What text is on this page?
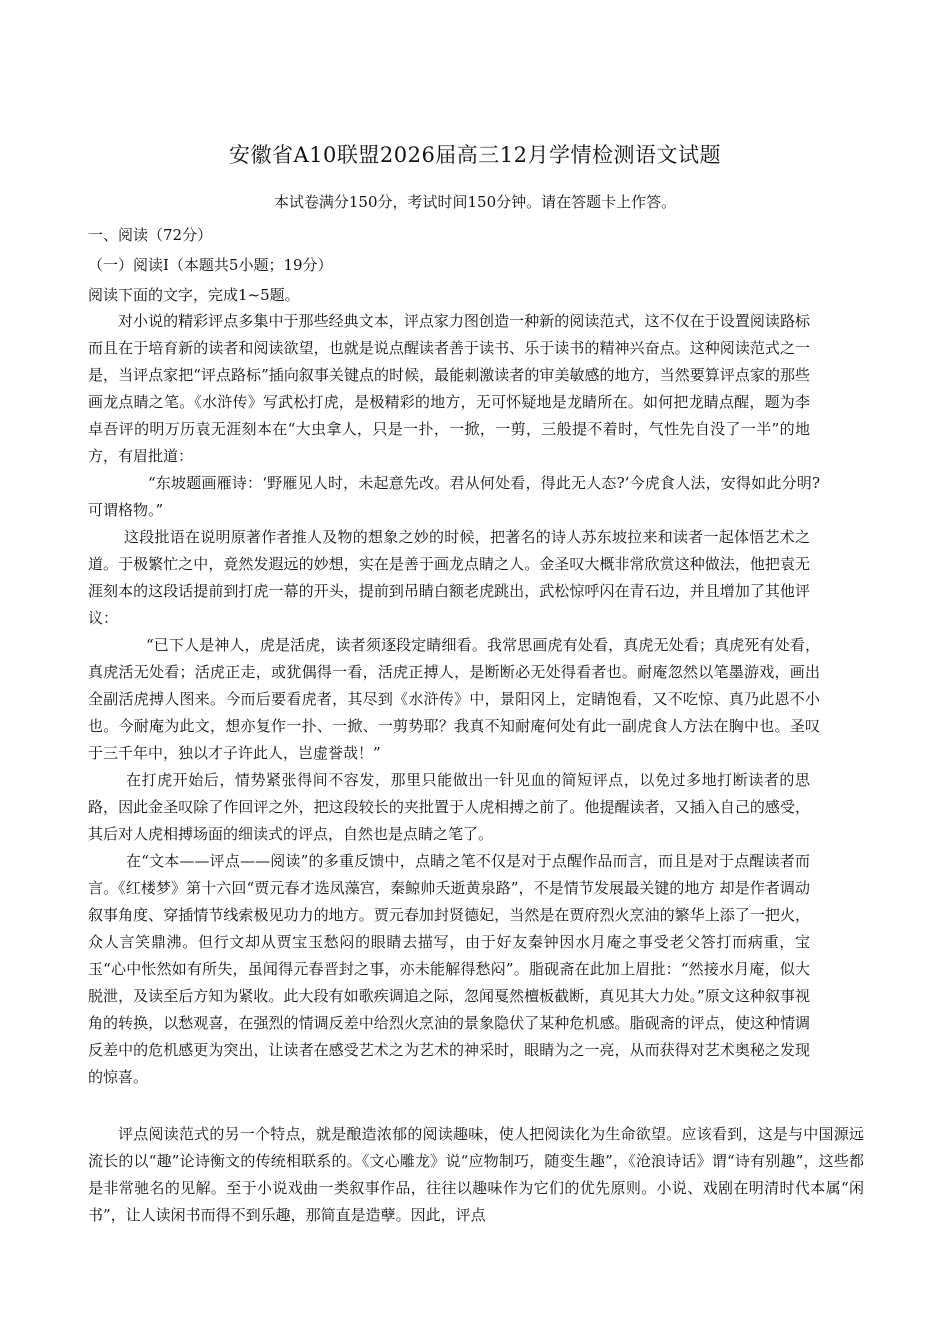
安徽省A10联盟2026届高三12月学情检测语文试题
本试卷满分150分，考试时间150分钟。请在答题卡上作答。
一、阅读（72分）
（一）阅读Ⅰ（本题共5小题；19分）
阅读下面的文字，完成1~5题。

对小说的精彩评点多集中于那些经典文本，评点家力图创造一种新的阅读范式，这不仅在于设置阅读路标 而且在于培育新的读者和阅读欲望，也就是说点醒读者善于读书、乐于读书的精神兴奋点。这种阅读范式之一是，当评点家把“评点路标”插向叙事关键点的时候，最能刺激读者的审美敏感的地方，当然要算评点家的那些画龙点睛之笔。《水浒传》写武松打虎，是极精彩的地方，无可怀疑地是龙睛所在。如何把龙睛点醒，题为李卓吾评的明万历袁无涯刻本在“大虫拿人，只是一扑，一掀，一剪，三般提不着时，气性先自没了一半”的地方，有眉批道：

“东坡题画雁诗：‘野雁见人时，未起意先改。君从何处看，得此无人态?’今虎食人法，安得如此分明?可谓格物。”

这段批语在说明原著作者推人及物的想象之妙的时候，把著名的诗人苏东坡拉来和读者一起体悟艺术之道。于极繁忙之中，竟然发遐远的妙想，实在是善于画龙点睛之人。金圣叹大概非常欣赏这种做法，他把袁无涯刻本的这段话提前到打虎一幕的开头，提前到吊睛白额老虎跳出，武松惊呼闪在青石边，并且增加了其他评议：

“已下人是神人，虎是活虎，读者须逐段定睛细看。我常思画虎有处看，真虎无处看；真虎死有处看，真虎活无处看；活虎正走，或犹偶得一看，活虎正搏人，是断断必无处得看者也。耐庵忽然以笔墨游戏，画出全副活虎搏人图来。今而后要看虎者，其尽到《水浒传》中，景阳冈上，定睛饱看，又不吃惊、真乃此恩不小也。今耐庵为此文，想亦复作一扑、一掀、一剪势耶？我真不知耐庵何处有此一副虎食人方法在胸中也。圣叹于三千年中，独以才子许此人，岂虚誉哉！”

在打虎开始后，情势紧张得间不容发，那里只能做出一针见血的简短评点，以免过多地打断读者的思路，因此金圣叹除了作回评之外，把这段较长的夹批置于人虎相搏之前了。他提醒读者，又插入自己的感受，其后对人虎相搏场面的细读式的评点，自然也是点睛之笔了。

在“文本——评点——阅读”的多重反馈中，点睛之笔不仅是对于点醒作品而言，而且是对于点醒读者而言。《红楼梦》第十六回“贾元春才选凤藻宫，秦鲸帅夭逝黄泉路”，不是情节发展最关键的地方 却是作者调动叙事角度、穿插情节线索极见功力的地方。贾元春加封贤德妃，当然是在贾府烈火烹油的繁华上添了一把火，众人言笑鼎沸。但行文却从贾宝玉愁闷的眼睛去描写，由于好友秦钟因水月庵之事受老父答打而病重，宝玉“心中怅然如有所失，虽闻得元春晋封之事，亦未能解得愁闷”。脂砚斋在此加上眉批：“然接水月庵，似大脱泄，及读至后方知为紧收。此大段有如歌疾调追之际，忽闻戛然檀板截断，真见其大力处。”原文这种叙事视角的转换，以愁观喜，在强烈的情调反差中给烈火烹油的景象隐伏了某种危机感。脂砚斋的评点，使这种情调反差中的危机感更为突出，让读者在感受艺术之为艺术的神采时，眼睛为之一亮，从而获得对艺术奥秘之发现的惊喜。

评点阅读范式的另一个特点，就是酿造浓郁的阅读趣味，使人把阅读化为生命欲望。应该看到，这是与中国源远流长的以“趣”论诗衡文的传统相联系的。《文心雕龙》说“应物制巧，随变生趣”，《沧浪诗话》谓“诗有别趣”，这些都是非常驰名的见解。至于小说戏曲一类叙事作品，往往以趣味作为它们的优先原则。小说、戏剧在明清时代本属“闲书”，让人读闲书而得不到乐趣，那简直是造孽。因此，评点
